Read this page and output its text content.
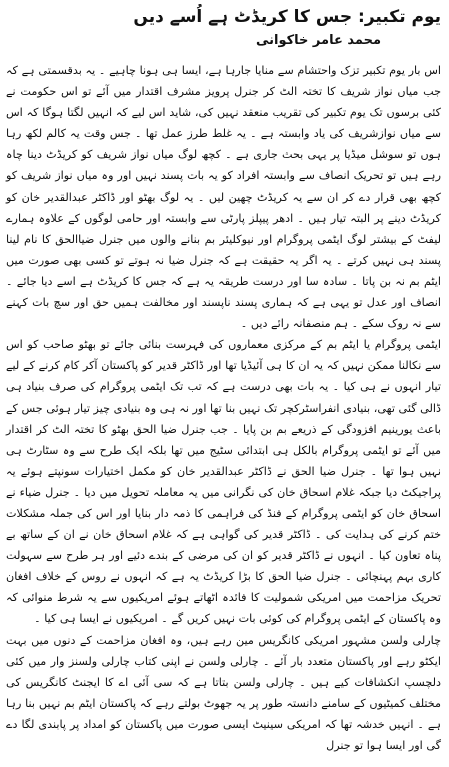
یوم تکبیر: جس کا کریڈٹ ہے اُسے دیں
محمد عامر خاکوانی

اس بار یوم تکبیر تزک واحتشام سے منایا جارہا ہے، ایسا ہی ہونا چاہیے ۔ یہ بدقسمتی ہے کہ جب میاں نواز شریف کا تختہ الٹ کر جنرل پرویز مشرف اقتدار میں آئے تو اس حکومت نے کئی برسوں تک یوم تکبیر کی تقریب منعقد نہیں کی، شاید اس لیے کہ انہیں لگتا ہوگا کہ اس سے میاں نوازشریف کی یاد وابستہ ہے ۔ یہ غلط طرز عمل تھا ۔ جس وقت یہ کالم لکھ رہا ہوں تو سوشل میڈیا پر یہی بحث جاری ہے ۔ کچھ لوگ میاں نواز شریف کو کریڈٹ دینا چاہ رہے ہیں تو تحریک انصاف سے وابستہ افراد کو یہ بات پسند نہیں اور وہ میاں نواز شریف کو کچھ بھی قرار دے کر ان سے یہ کریڈٹ چھین لیں ۔ یہ لوگ بھٹو اور ڈاکٹر عبدالقدیر خان کو کریڈٹ دینے پر البتہ تیار ہیں ۔ ادھر پیپلز پارٹی سے وابستہ اور حامی لوگوں کے علاوہ ہمارے لیفٹ کے بیشتر لوگ ایٹمی پروگرام اور نیوکلیئر بم بنانے والوں میں جنرل ضیاالحق کا نام لینا پسند ہی نہیں کرتے ۔ یہ اگر یہ حقیقت ہے کہ جنرل ضیا نہ ہوتے تو کسی بھی صورت میں ایٹم بم نہ بن پاتا ۔ سادہ سا اور درست طریقہ یہ ہے کہ جس کا کریڈٹ ہے اسے دیا جائے ۔ انصاف اور عدل تو یہی ہے کہ ہماری پسند ناپسند اور مخالفت ہمیں حق اور سچ بات کہنے سے نہ روک سکے ۔ ہم منصفانہ رائے دیں ۔

ایٹمی پروگرام یا ایٹم بم کے مرکزی معماروں کی فہرست بنائی جائے تو بھٹو صاحب کو اس سے نکالنا ممکن نہیں کہ یہ ان کا ہی آئیڈیا تھا اور ڈاکٹر قدیر کو پاکستان آکر کام کرنے کے لیے تیار انہوں نے ہی کیا ۔ یہ بات بھی درست ہے کہ تب تک ایٹمی پروگرام کی صرف بنیاد ہی ڈالی گئی تھی، بنیادی انفراسٹرکچر تک نہیں بنا تھا اور نہ ہی وہ بنیادی چیز تیار ہوئی جس کے باعث یورینیم افزودگی کے ذریعے بم بن پایا ۔ جب جنرل ضیا الحق بھٹو کا تختہ الٹ کر اقتدار میں آئے تو ایٹمی پروگرام بالکل ہی ابتدائی سٹیج میں تھا بلکہ ایک طرح سے وہ سٹارٹ ہی نہیں ہوا تھا ۔ جنرل ضیا الحق نے ڈاکٹر عبدالقدیر خان کو مکمل اختیارات سونپتے ہوئے یہ پراجیکٹ دیا جبکہ غلام اسحاق خان کی نگرانی میں یہ معاملہ تحویل میں دیا ۔ جنرل ضیاء نے اسحاق خان کو ایٹمی پروگرام کے فنڈ کی فراہمی کا ذمہ دار بنایا اور اس کی جملہ مشکلات ختم کرنے کی ہدایت کی ۔ ڈاکٹر قدیر کی گواہی ہے کہ غلام اسحاق خان نے ان کے ساتھ بے پناہ تعاون کیا ۔ انہوں نے ڈاکٹر قدیر کو ان کی مرضی کے بندے دئیے اور ہر طرح سے سہولت کاری بہم پہنچائی ۔ جنرل ضیا الحق کا بڑا کریڈٹ یہ ہے کہ انہوں نے روس کے خلاف افغان تحریک مزاحمت میں امریکی شمولیت کا فائدہ اٹھاتے ہوئے امریکیوں سے یہ شرط منوائی کہ وہ پاکستان کے ایٹمی پروگرام کی کوئی بات نہیں کریں گے ۔ امریکیوں نے ایسا ہی کیا ۔

چارلی ولسن مشہور امریکی کانگریس مین رہے ہیں، وہ افغان مزاحمت کے دنوں میں بہت ایکٹو رہے اور پاکستان متعدد بار آئے ۔ چارلی ولسن نے اپنی کتاب چارلی ولسنز وار میں کئی دلچسپ انکشافات کیے ہیں ۔ چارلی ولسن بتاتا ہے کہ سی آئی اے کا ایجنٹ کانگریس کی مختلف کمیٹیوں کے سامنے دانستہ طور پر یہ جھوٹ بولتے رہے کہ پاکستان ایٹم بم نہیں بنا رہا ہے ۔ انہیں خدشہ تھا کہ امریکی سینیٹ ایسی صورت میں پاکستان کو امداد پر پابندی لگا دے گی اور ایسا ہوا تو جنرل
